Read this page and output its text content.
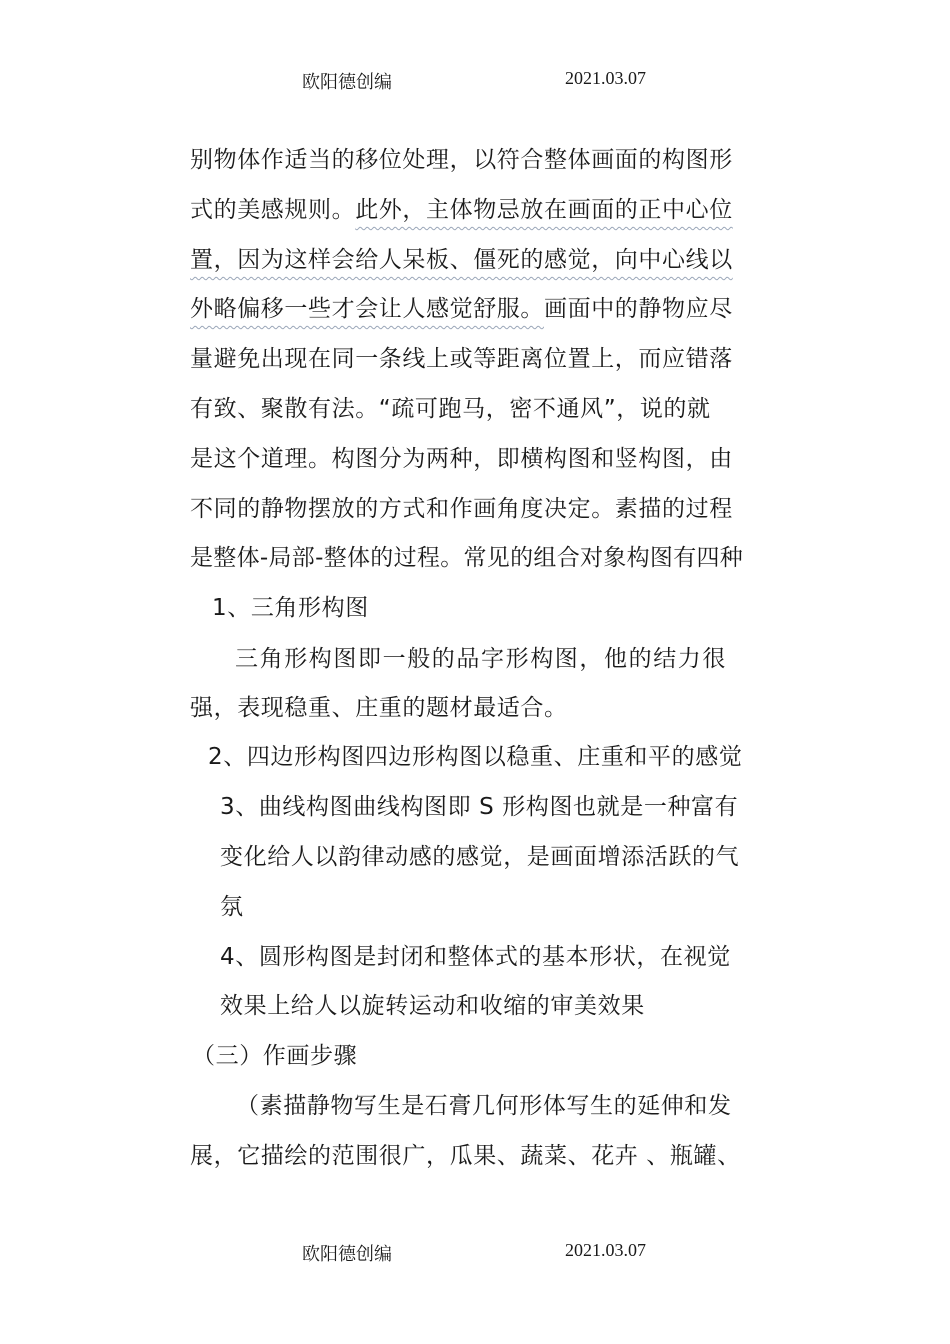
欧阳德创编	2021.03.07
别物体作适当的移位处理，以符合整体画面的构图形
式的美感规则。此外，主体物忌放在画面的正中心位
置，因为这样会给人呆板、僵死的感觉，向中心线以
外略偏移一些才会让人感觉舒服。画面中的静物应尽
量避免出现在同一条线上或等距离位置上，而应错落
有致、聚散有法。“疏可跑马，密不通风”，说的就
是这个道理。构图分为两种，即横构图和竖构图，由
不同的静物摆放的方式和作画角度决定。素描的过程
是整体-局部-整体的过程。常见的组合对象构图有四种
1、三角形构图
三角形构图即一般的品字形构图，他的结力很
强，表现稳重、庄重的题材最适合。
2、四边形构图四边形构图以稳重、庄重和平的感觉
3、曲线构图曲线构图即 S 形构图也就是一种富有
变化给人以韵律动感的感觉，是画面增添活跃的气
氛
4、圆形构图是封闭和整体式的基本形状，在视觉
效果上给人以旋转运动和收缩的审美效果
（三）作画步骤
（素描静物写生是石膏几何形体写生的延伸和发
展，它描绘的范围很广，瓜果、蔬菜、花卉 、瓶罐、
欧阳德创编	2021.03.07
